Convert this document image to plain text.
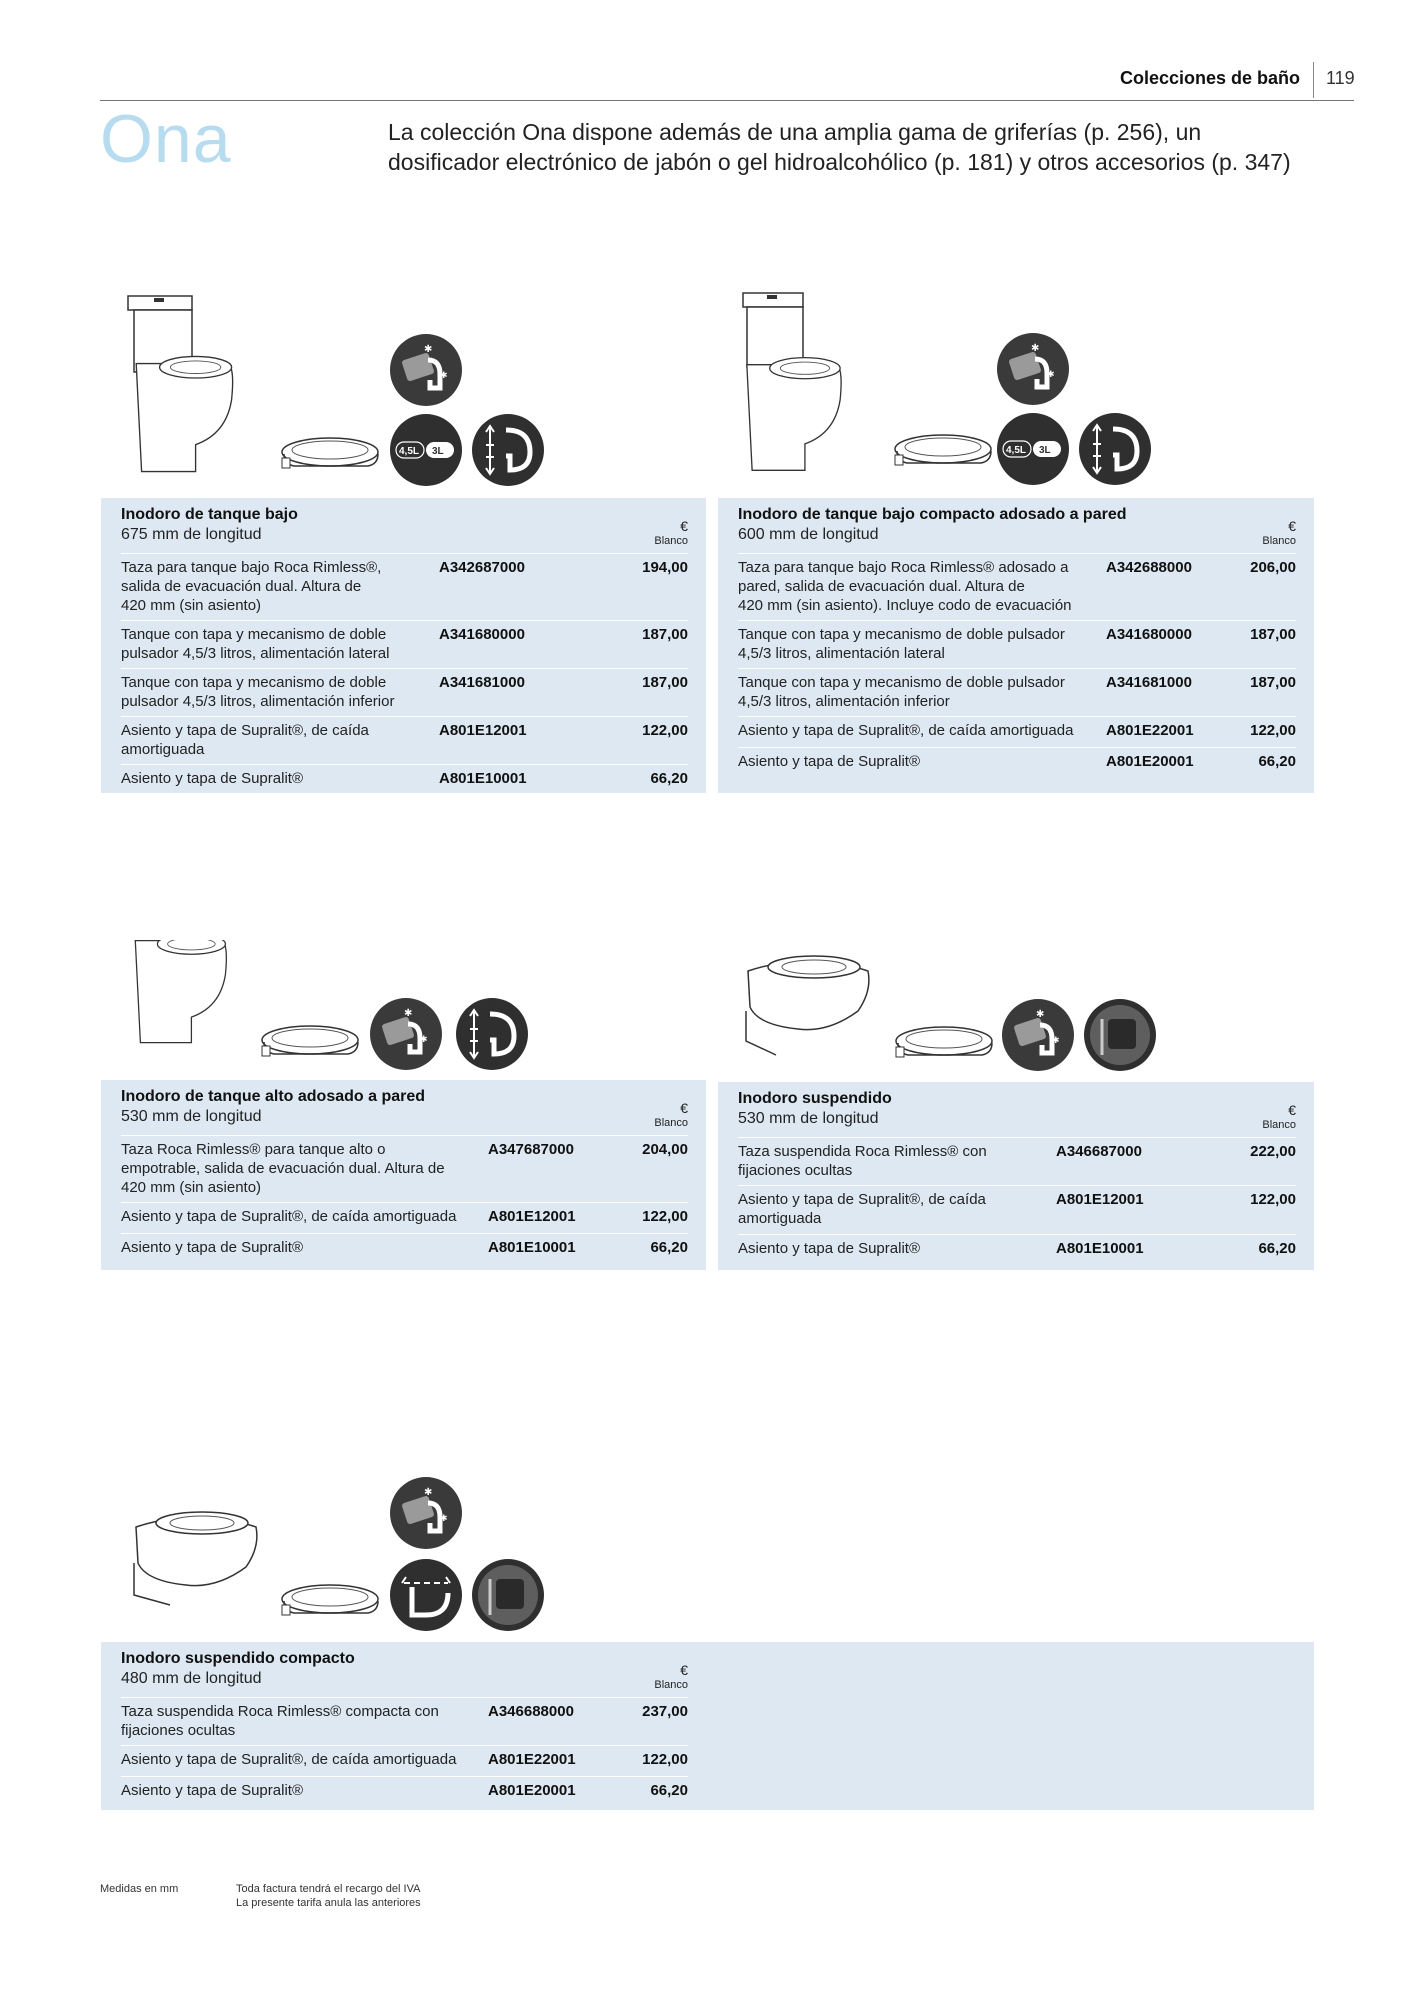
Colecciones de baño 119
Ona	La colección Ona dispone además de una amplia gama de griferías (p. 256), un dosificador electrónico de jabón o gel hidroalcohólico (p. 181) y otros accesorios (p. 347)
4,5L 3L	4,5L 3L
Inodoro de tanque bajo
675 mm de longitud	€
Blanco
Taza para tanque bajo Roca Rimless®,
salida de evacuación dual. Altura de
420 mm (sin asiento)
A342687000	194,00
Tanque con tapa y mecanismo de doble
pulsador 4,5/3 litros, alimentación lateral
A341680000	187,00
Tanque con tapa y mecanismo de doble
pulsador 4,5/3 litros, alimentación inferior
A341681000	187,00
Asiento y tapa de Supralit®, de caída
amortiguada
A801E12001	122,00
Asiento y tapa de Supralit®	A801E10001	66,20
Inodoro de tanque bajo compacto adosado a pared
600 mm de longitud	€
Blanco
Taza para tanque bajo Roca Rimless® adosado a
pared, salida de evacuación dual. Altura de
420 mm (sin asiento). Incluye codo de evacuación
A342688000	206,00
Tanque con tapa y mecanismo de doble pulsador
4,5/3 litros, alimentación lateral
A341680000	187,00
Tanque con tapa y mecanismo de doble pulsador
4,5/3 litros, alimentación inferior
A341681000	187,00
Asiento y tapa de Supralit®, de caída amortiguada	A801E22001	122,00
Asiento y tapa de Supralit®	A801E20001	66,20
Inodoro de tanque alto adosado a pared
530 mm de longitud	€
Blanco
Taza Roca Rimless® para tanque alto o
empotrable, salida de evacuación dual. Altura de
420 mm (sin asiento)
A347687000	204,00
Asiento y tapa de Supralit®, de caída amortiguada	A801E12001	122,00
Asiento y tapa de Supralit®	A801E10001	66,20
Inodoro suspendido
530 mm de longitud	€
Blanco
Taza suspendida Roca Rimless® con
fijaciones ocultas
A346687000	222,00
Asiento y tapa de Supralit®, de caída
amortiguada
A801E12001	122,00
Asiento y tapa de Supralit®	A801E10001	66,20
Inodoro suspendido compacto
480 mm de longitud	€
Blanco
Taza suspendida Roca Rimless® compacta con
fijaciones ocultas
A346688000	237,00
Asiento y tapa de Supralit®, de caída amortiguada	A801E22001	122,00
Asiento y tapa de Supralit®	A801E20001	66,20
Medidas en mm	Toda factura tendrá el recargo del IVA
La presente tarifa anula las anteriores
